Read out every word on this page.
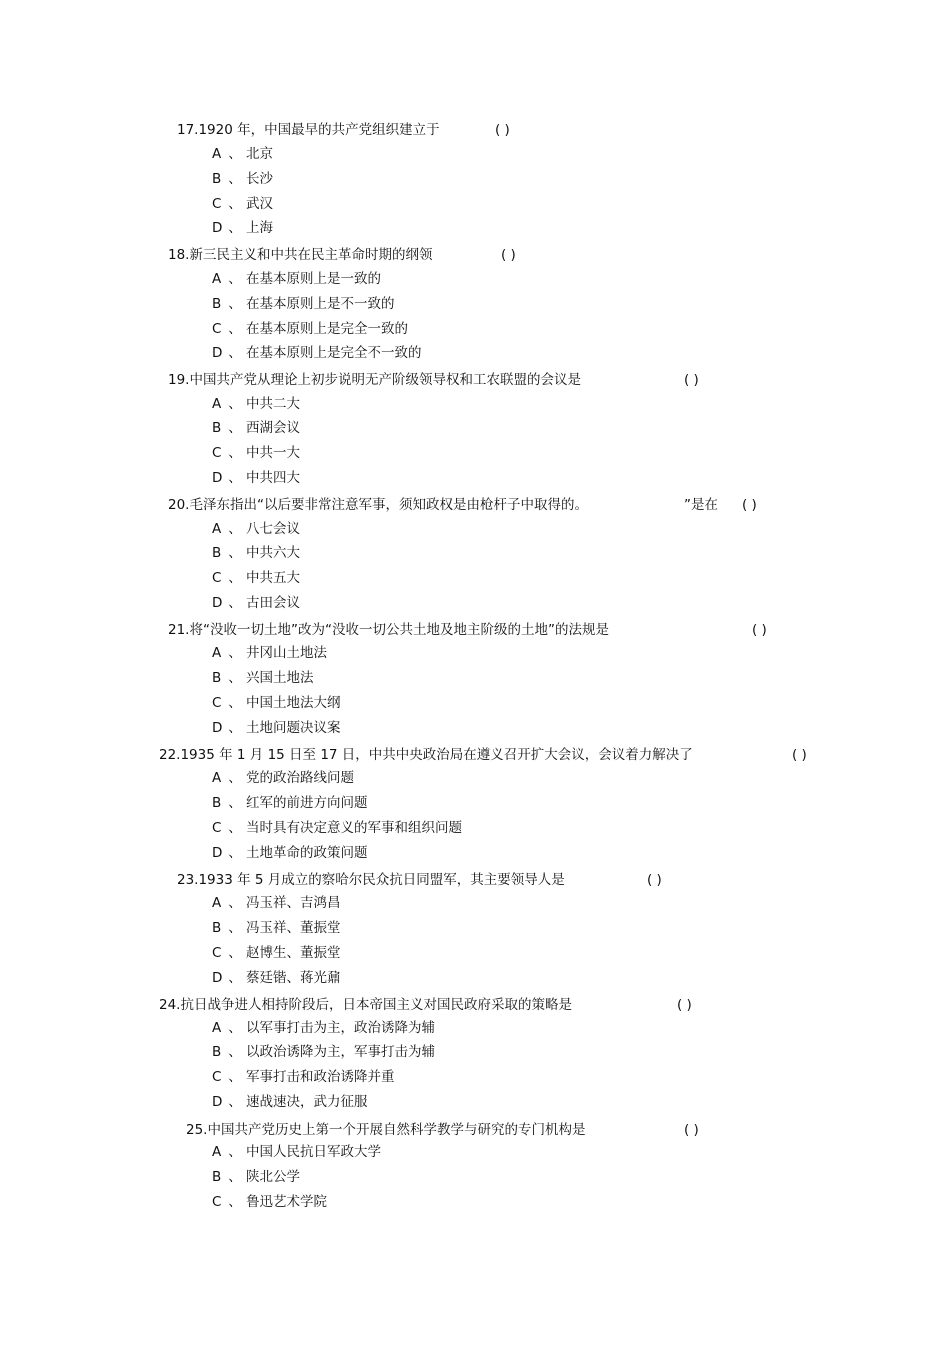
17.1920 年，中国最早的共产党组织建立于	( )
A 、 北京
B 、 长沙
C 、 武汉
D 、 上海
18.新三民主义和中共在民主革命时期的纲领	( )
A 、 在基本原则上是一致的
B 、 在基本原则上是不一致的
C 、 在基本原则上是完全一致的
D 、 在基本原则上是完全不一致的
19.中国共产党从理论上初步说明无产阶级领导权和工农联盟的会议是	( )
A 、 中共二大
B 、 西湖会议
C 、 中共一大
D 、 中共四大
20.毛泽东指出“以后要非常注意军事，须知政权是由枪杆子中取得的。	”是在 ( )
A 、 八七会议
B 、 中共六大
C 、 中共五大
D 、 古田会议
21.将“没收一切土地”改为“没收一切公共土地及地主阶级的土地”的法规是	( )
A 、 井冈山土地法
B 、 兴国土地法
C 、 中国土地法大纲
D 、 土地问题决议案
22.1935 年 1 月 15 日至 17 日，中共中央政治局在遵义召开扩大会议，会议着力解决了	( )
A 、 党的政治路线问题
B 、 红军的前进方向问题
C 、 当时具有决定意义的军事和组织问题
D 、 土地革命的政策问题
23.1933 年 5 月成立的察哈尔民众抗日同盟军，其主要领导人是	( )
A 、 冯玉祥、吉鸿昌
B 、 冯玉祥、董振堂
C 、 赵博生、董振堂
D 、 蔡廷锴、蒋光鼐
24.抗日战争进人相持阶段后，日本帝国主义对国民政府采取的策略是	( )
A 、 以军事打击为主，政治诱降为辅
B 、 以政治诱降为主，军事打击为辅
C 、 军事打击和政治诱降并重
D 、 速战速决，武力征服
25.中国共产党历史上第一个开展自然科学教学与研究的专门机构是	( )
A 、 中国人民抗日军政大学
B 、 陕北公学
C 、 鲁迅艺术学院
